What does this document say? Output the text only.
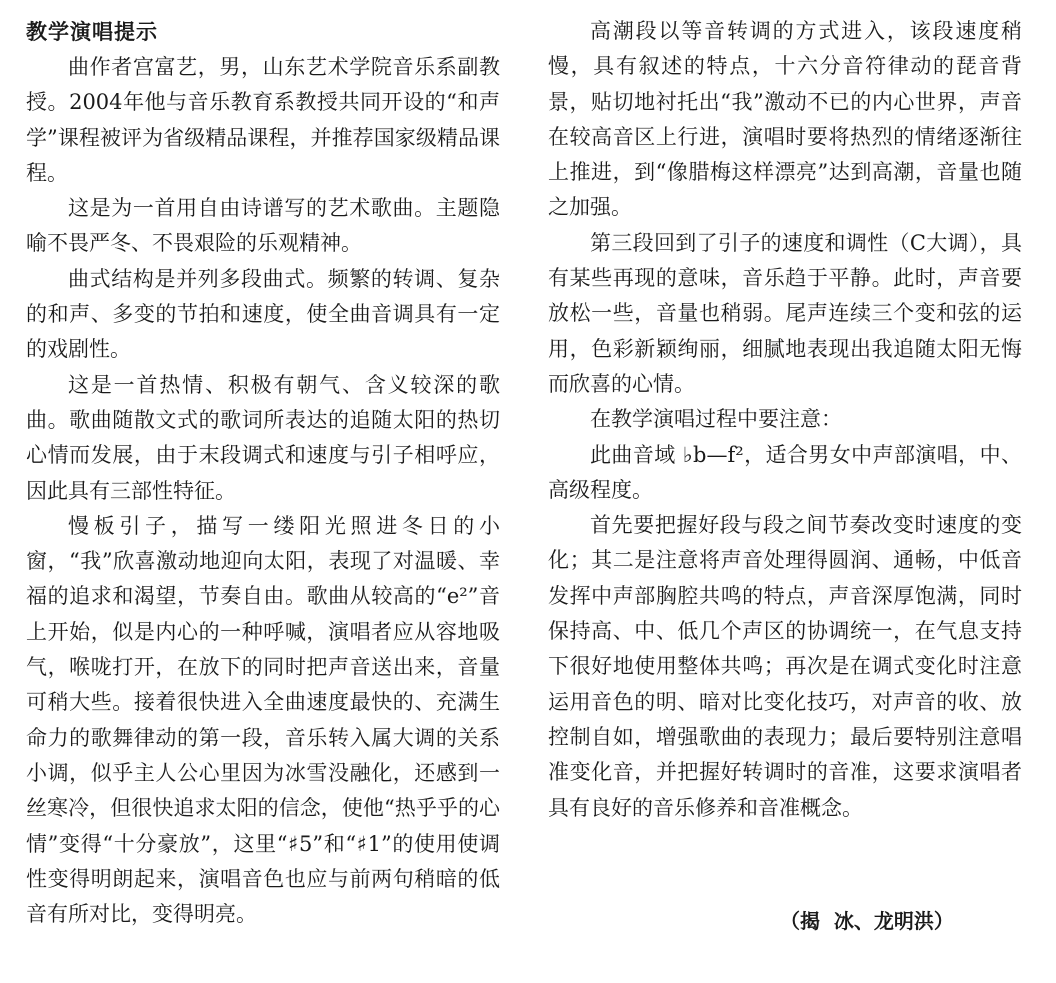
教学演唱提示

曲作者宫富艺，男，山东艺术学院音乐系副教授。2004年他与音乐教育系教授共同开设的“和声学”课程被评为省级精品课程，并推荐国家级精品课程。

这是为一首用自由诗谱写的艺术歌曲。主题隐喻不畏严冬、不畏艰险的乐观精神。

曲式结构是并列多段曲式。频繁的转调、复杂的和声、多变的节拍和速度，使全曲音调具有一定的戏剧性。

这是一首热情、积极有朝气、含义较深的歌曲。歌曲随散文式的歌词所表达的追随太阳的热切心情而发展，由于末段调式和速度与引子相呼应，因此具有三部性特征。

慢板引子，描写一缕阳光照进冬日的小窗，“我”欣喜激动地迎向太阳，表现了对温暖、幸福的追求和渴望，节奏自由。歌曲从较高的“e²”音上开始，似是内心的一种呼喊，演唱者应从容地吸气，喉咙打开，在放下的同时把声音送出来，音量可稍大些。接着很快进入全曲速度最快的、充满生命力的歌舞律动的第一段，音乐转入属大调的关系小调，似乎主人公心里因为冰雪没融化，还感到一丝寒冷，但很快追求太阳的信念，使他“热乎乎的心情”变得“十分豪放”，这里“♯5”和“♯1”的使用使调性变得明朗起来，演唱音色也应与前两句稍暗的低音有所对比，变得明亮。

高潮段以等音转调的方式进入，该段速度稍慢，具有叙述的特点，十六分音符律动的琵音背景，贴切地衬托出“我”激动不已的内心世界，声音在较高音区上行进，演唱时要将热烈的情绪逐渐往上推进，到“像腊梅这样漂亮”达到高潮，音量也随之加强。

第三段回到了引子的速度和调性（C大调），具有某些再现的意味，音乐趋于平静。此时，声音要放松一些，音量也稍弱。尾声连续三个变和弦的运用，色彩新颖绚丽，细腻地表现出我追随太阳无悔而欣喜的心情。

在教学演唱过程中要注意：

此曲音域 ♭b—f²，适合男女中声部演唱，中、高级程度。

首先要把握好段与段之间节奏改变时速度的变化；其二是注意将声音处理得圆润、通畅，中低音发挥中声部胸腔共鸣的特点，声音深厚饱满，同时保持高、中、低几个声区的协调统一，在气息支持下很好地使用整体共鸣；再次是在调式变化时注意运用音色的明、暗对比变化技巧，对声音的收、放控制自如，增强歌曲的表现力；最后要特别注意唱准变化音，并把握好转调时的音准，这要求演唱者具有良好的音乐修养和音准概念。

（揭  冰、龙明洪）
